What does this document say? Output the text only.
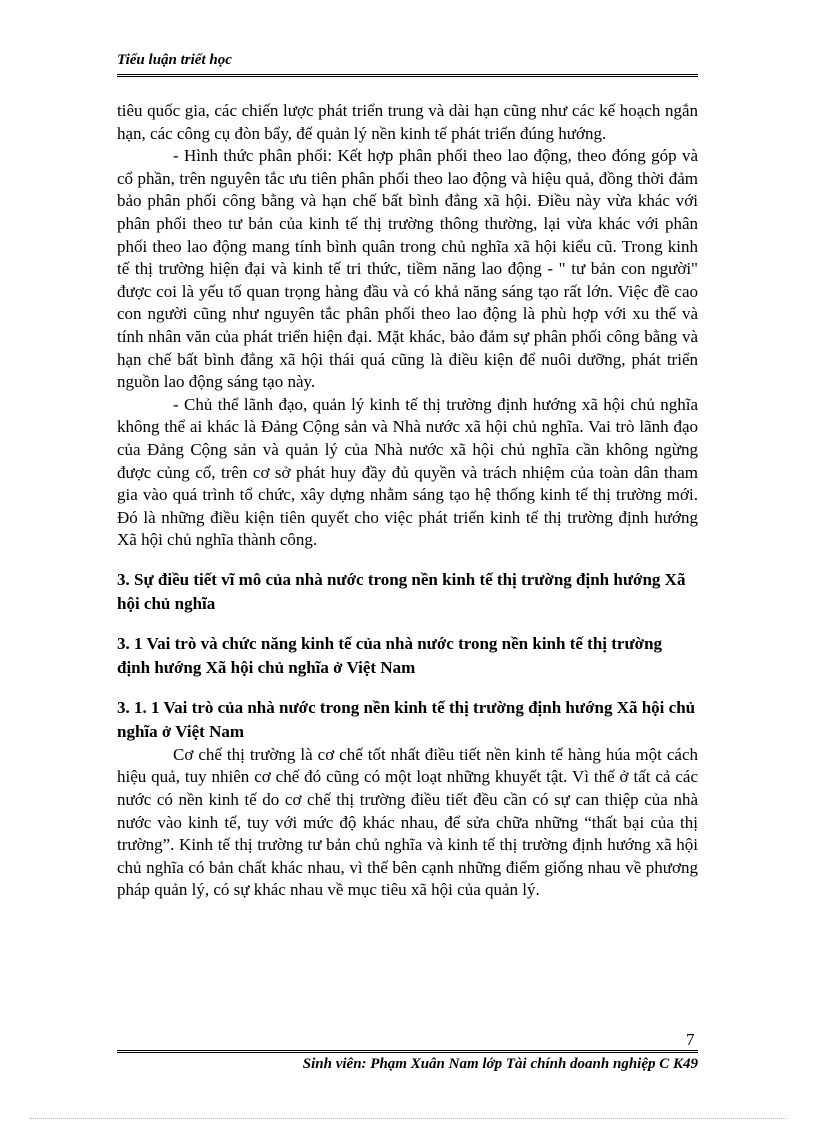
Tiểu luận triết học

tiêu quốc gia, các chiến lược phát triển trung và dài hạn cũng như các kế hoạch ngắn hạn, các công cụ đòn bẩy, để quản lý nền kinh tế phát triển đúng hướng.

- Hình thức phân phối: Kết hợp phân phối theo lao động, theo đóng góp và cổ phần, trên nguyên tắc ưu tiên phân phối theo lao động và hiệu quả, đồng thời đảm bảo phân phối công bằng và hạn chế bất bình đẳng xã hội. Điều này vừa khác với phân phối theo tư bản của kinh tế thị trường thông thường, lại vừa khác với phân phối theo lao động mang tính bình quân trong chủ nghĩa xã hội kiểu cũ. Trong kinh tế thị trường hiện đại và kinh tế tri thức, tiềm năng lao động - " tư bản con người" được coi là yếu tố quan trọng hàng đầu và có khả năng sáng tạo rất lớn. Việc đề cao con người cũng như nguyên tắc phân phối theo lao động là phù hợp với xu thế và tính nhân văn của phát triển hiện đại. Mặt khác, bảo đảm sự phân phối công bằng và hạn chế bất bình đẳng xã hội thái quá cũng là điều kiện để nuôi dưỡng, phát triển nguồn lao động sáng tạo này.

- Chủ thể lãnh đạo, quản lý kinh tế thị trường định hướng xã hội chủ nghĩa không thể ai khác là Đảng Cộng sản và Nhà nước xã hội chủ nghĩa. Vai trò lãnh đạo của Đảng Cộng sản và quản lý của Nhà nước xã hội chủ nghĩa cần không ngừng được củng cố, trên cơ sở phát huy đầy đủ quyền và trách nhiệm của toàn dân tham gia vào quá trình tổ chức, xây dựng nhằm sáng tạo hệ thống kinh tế thị trường mới. Đó là những điều kiện tiên quyết cho việc phát triển kinh tế thị trường định hướng Xã hội chủ nghĩa thành công.

3. Sự điều tiết vĩ mô của nhà nước trong nền kinh tế thị trường định hướng Xã hội chủ nghĩa
3. 1 Vai trò và chức năng kinh tế của nhà nước trong nền kinh tế thị trường định hướng Xã hội chủ nghĩa ở Việt Nam
3. 1. 1 Vai trò của nhà nước trong nền kinh tế thị trường định hướng Xã hội chủ nghĩa ở Việt Nam

Cơ chế thị trường là cơ chế tốt nhất điều tiết nền kinh tế hàng húa một cách hiệu quả, tuy nhiên cơ chế đó cũng có một loạt những khuyết tật. Vì thế ở tất cả các nước có nền kinh tế do cơ chế thị trường điều tiết đều cần có sự can thiệp của nhà nước vào kinh tế, tuy với mức độ khác nhau, để sửa chữa những “thất bại của thị trường”. Kinh tế thị trường tư bản chủ nghĩa và kinh tế thị trường định hướng xã hội chủ nghĩa có bản chất khác nhau, vì thế bên cạnh những điểm giống nhau về phương pháp quản lý, có sự khác nhau về mục tiêu xã hội của quản lý.

7
Sinh viên: Phạm Xuân Nam lớp Tài chính doanh nghiệp C K49
